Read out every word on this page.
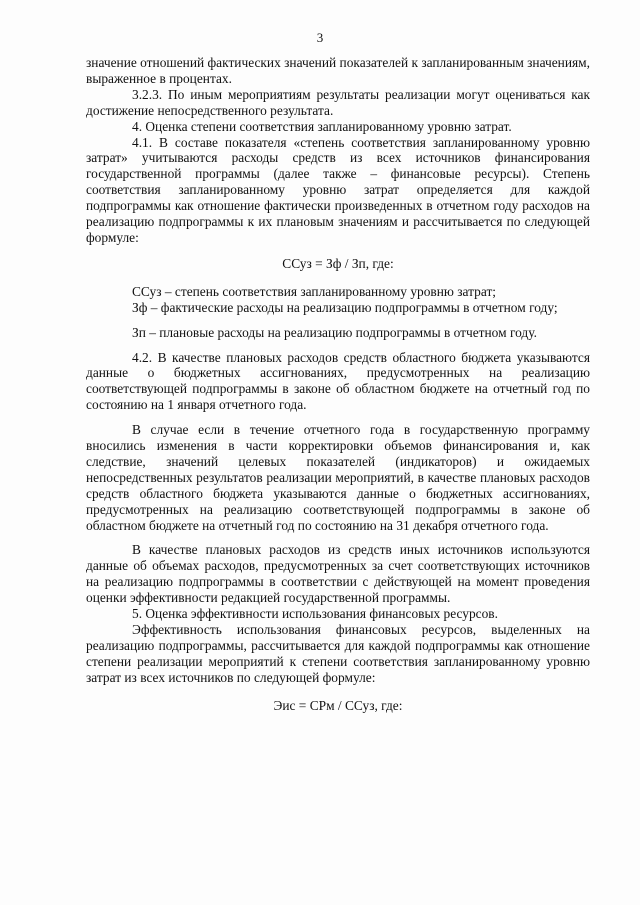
3

значение отношений фактических значений показателей к запланированным значениям, выраженное в процентах.

3.2.3. По иным мероприятиям результаты реализации могут оцениваться как достижение непосредственного результата.

4. Оценка степени соответствия запланированному уровню затрат.

4.1. В составе показателя «степень соответствия запланированному уровню затрат» учитываются расходы средств из всех источников финансирования государственной программы (далее также – финансовые ресурсы). Степень соответствия запланированному уровню затрат определяется для каждой подпрограммы как отношение фактически произведенных в отчетном году расходов на реализацию подпрограммы к их плановым значениям и рассчитывается по следующей формуле:

ССуз = Зф / Зп, где:

ССуз – степень соответствия запланированному уровню затрат;

Зф – фактические расходы на реализацию подпрограммы в отчетном году;

Зп – плановые расходы на реализацию подпрограммы в отчетном году.

4.2. В качестве плановых расходов средств областного бюджета указываются данные о бюджетных ассигнованиях, предусмотренных на реализацию соответствующей подпрограммы в законе об областном бюджете на отчетный год по состоянию на 1 января отчетного года.

В случае если в течение отчетного года в государственную программу вносились изменения в части корректировки объемов финансирования и, как следствие, значений целевых показателей (индикаторов) и ожидаемых непосредственных результатов реализации мероприятий, в качестве плановых расходов средств областного бюджета указываются данные о бюджетных ассигнованиях, предусмотренных на реализацию соответствующей подпрограммы в законе об областном бюджете на отчетный год по состоянию на 31 декабря отчетного года.

В качестве плановых расходов из средств иных источников используются данные об объемах расходов, предусмотренных за счет соответствующих источников на реализацию подпрограммы в соответствии с действующей на момент проведения оценки эффективности редакцией государственной программы.

5. Оценка эффективности использования финансовых ресурсов.

Эффективность использования финансовых ресурсов, выделенных на реализацию подпрограммы, рассчитывается для каждой подпрограммы как отношение степени реализации мероприятий к степени соответствия запланированному уровню затрат из всех источников по следующей формуле:

Эис = СРм / ССуз, где:
